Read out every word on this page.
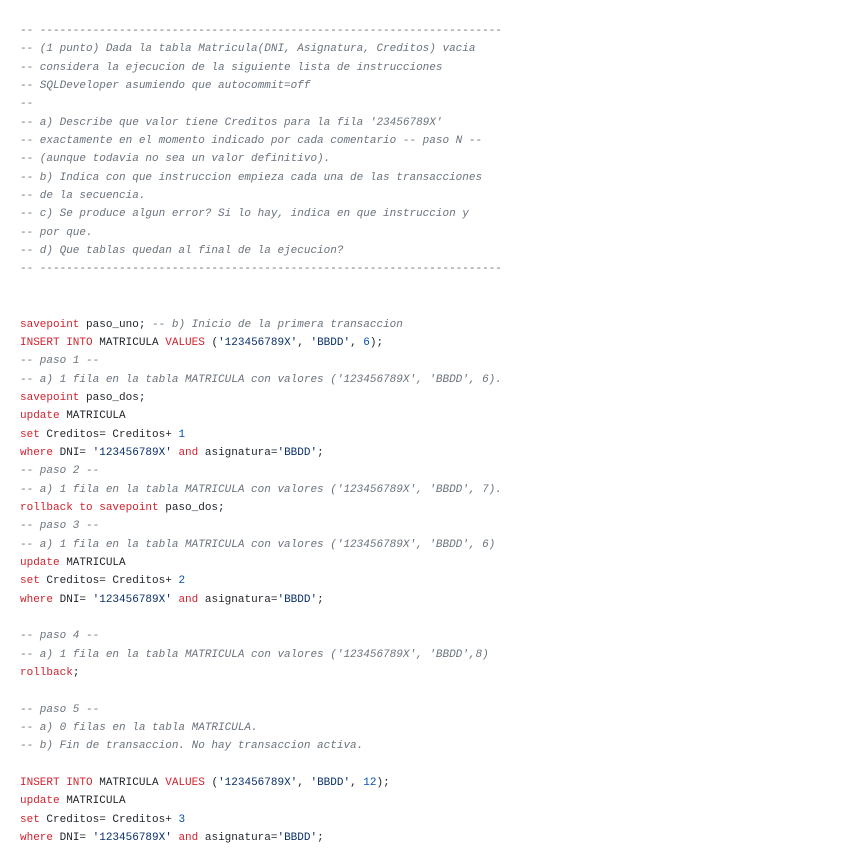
-- ----------------------------------------------------------------------
-- (1 punto) Dada la tabla Matricula(DNI, Asignatura, Creditos) vacia
-- considera la ejecucion de la siguiente lista de instrucciones
-- SQLDeveloper asumiendo que autocommit=off
--
-- a) Describe que valor tiene Creditos para la fila '23456789X'
-- exactamente en el momento indicado por cada comentario -- paso N --
-- (aunque todavia no sea un valor definitivo).
-- b) Indica con que instruccion empieza cada una de las transacciones
-- de la secuencia.
-- c) Se produce algun error? Si lo hay, indica en que instruccion y
-- por que.
-- d) Que tablas quedan al final de la ejecucion?
-- ----------------------------------------------------------------------
savepoint paso_uno; -- b) Inicio de la primera transaccion
INSERT INTO MATRICULA VALUES ('123456789X', 'BBDD', 6);
-- paso 1 --
-- a) 1 fila en la tabla MATRICULA con valores ('123456789X', 'BBDD', 6).
savepoint paso_dos;
update MATRICULA
set Creditos= Creditos+ 1
where DNI= '123456789X' and asignatura='BBDD';
-- paso 2 --
-- a) 1 fila en la tabla MATRICULA con valores ('123456789X', 'BBDD', 7).
rollback to savepoint paso_dos;
-- paso 3 --
-- a) 1 fila en la tabla MATRICULA con valores ('123456789X', 'BBDD', 6)
update MATRICULA
set Creditos= Creditos+ 2
where DNI= '123456789X' and asignatura='BBDD';
-- paso 4 --
-- a) 1 fila en la tabla MATRICULA con valores ('123456789X', 'BBDD',8)
rollback;
-- paso 5 --
-- a) 0 filas en la tabla MATRICULA.
-- b) Fin de transaccion. No hay transaccion activa.
INSERT INTO MATRICULA VALUES ('123456789X', 'BBDD', 12);
update MATRICULA
set Creditos= Creditos+ 3
where DNI= '123456789X' and asignatura='BBDD';
